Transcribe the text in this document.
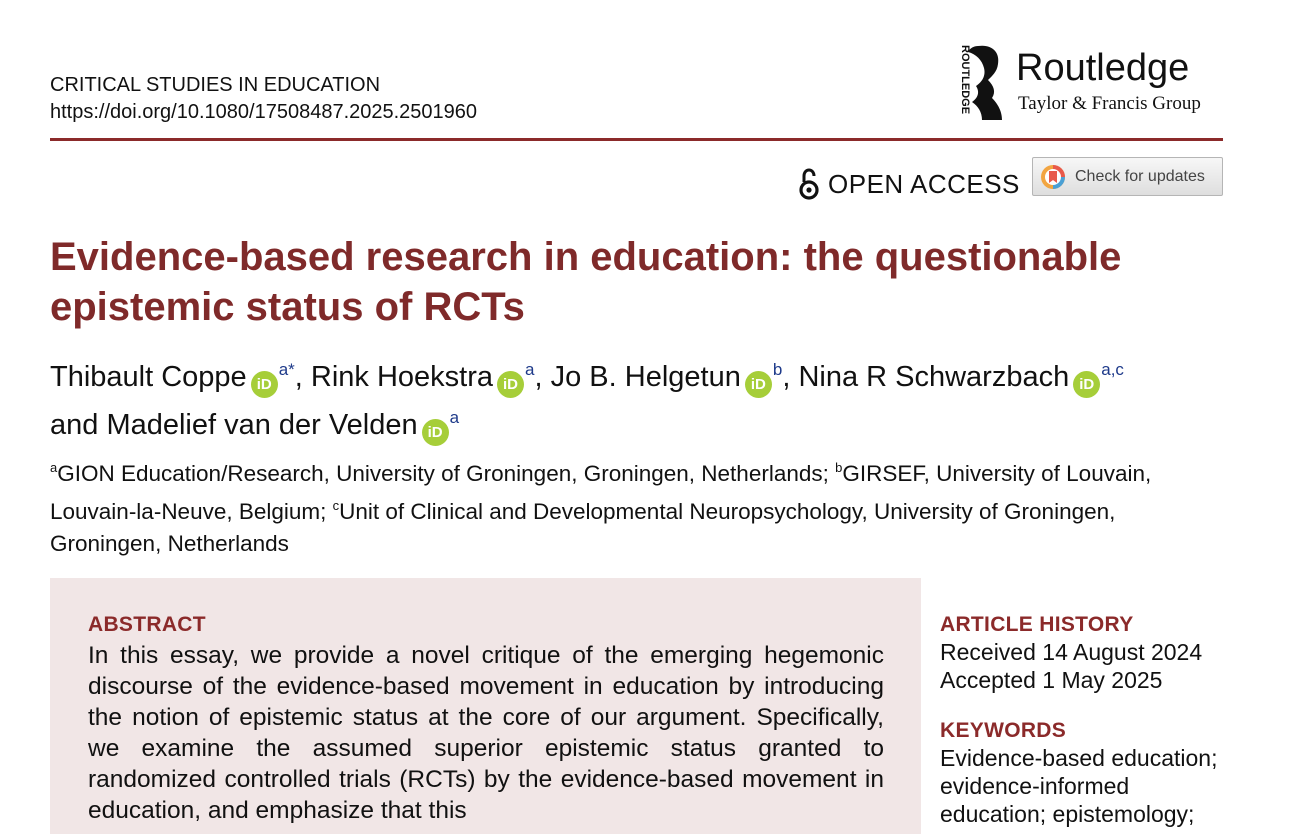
CRITICAL STUDIES IN EDUCATION
https://doi.org/10.1080/17508487.2025.2501960	ROUTLEDGE Routledge
Taylor & Francis Group
OPEN ACCESS	Check for updates
Evidence-based research in education: the questionable epistemic status of RCTs
Thibault Coppe iD$^{a*}$, Rink Hoekstra iD$^a$, Jo B. Helgetun iD$^b$, Nina R Schwarzbach iD$^{a,c}$
and Madelief van der Velden iD$^a$
$^a$GION Education/Research, University of Groningen, Groningen, Netherlands; $^b$GIRSEF, University of Louvain, Louvain-la-Neuve, Belgium; $^c$Unit of Clinical and Developmental Neuropsychology, University of Groningen, Groningen, Netherlands
ABSTRACT

In this essay, we provide a novel critique of the emerging hegemonic discourse of the evidence-based movement in education by introducing the notion of epistemic status at the core of our argument. Specifically, we examine the assumed superior epistemic status granted to randomized controlled trials (RCTs) by the evidence-based movement in education, and emphasize that this

ARTICLE HISTORY
Received 14 August 2024
Accepted 1 May 2025
KEYWORDS
Evidence-based education;
evidence-informed
education; epistemology;
